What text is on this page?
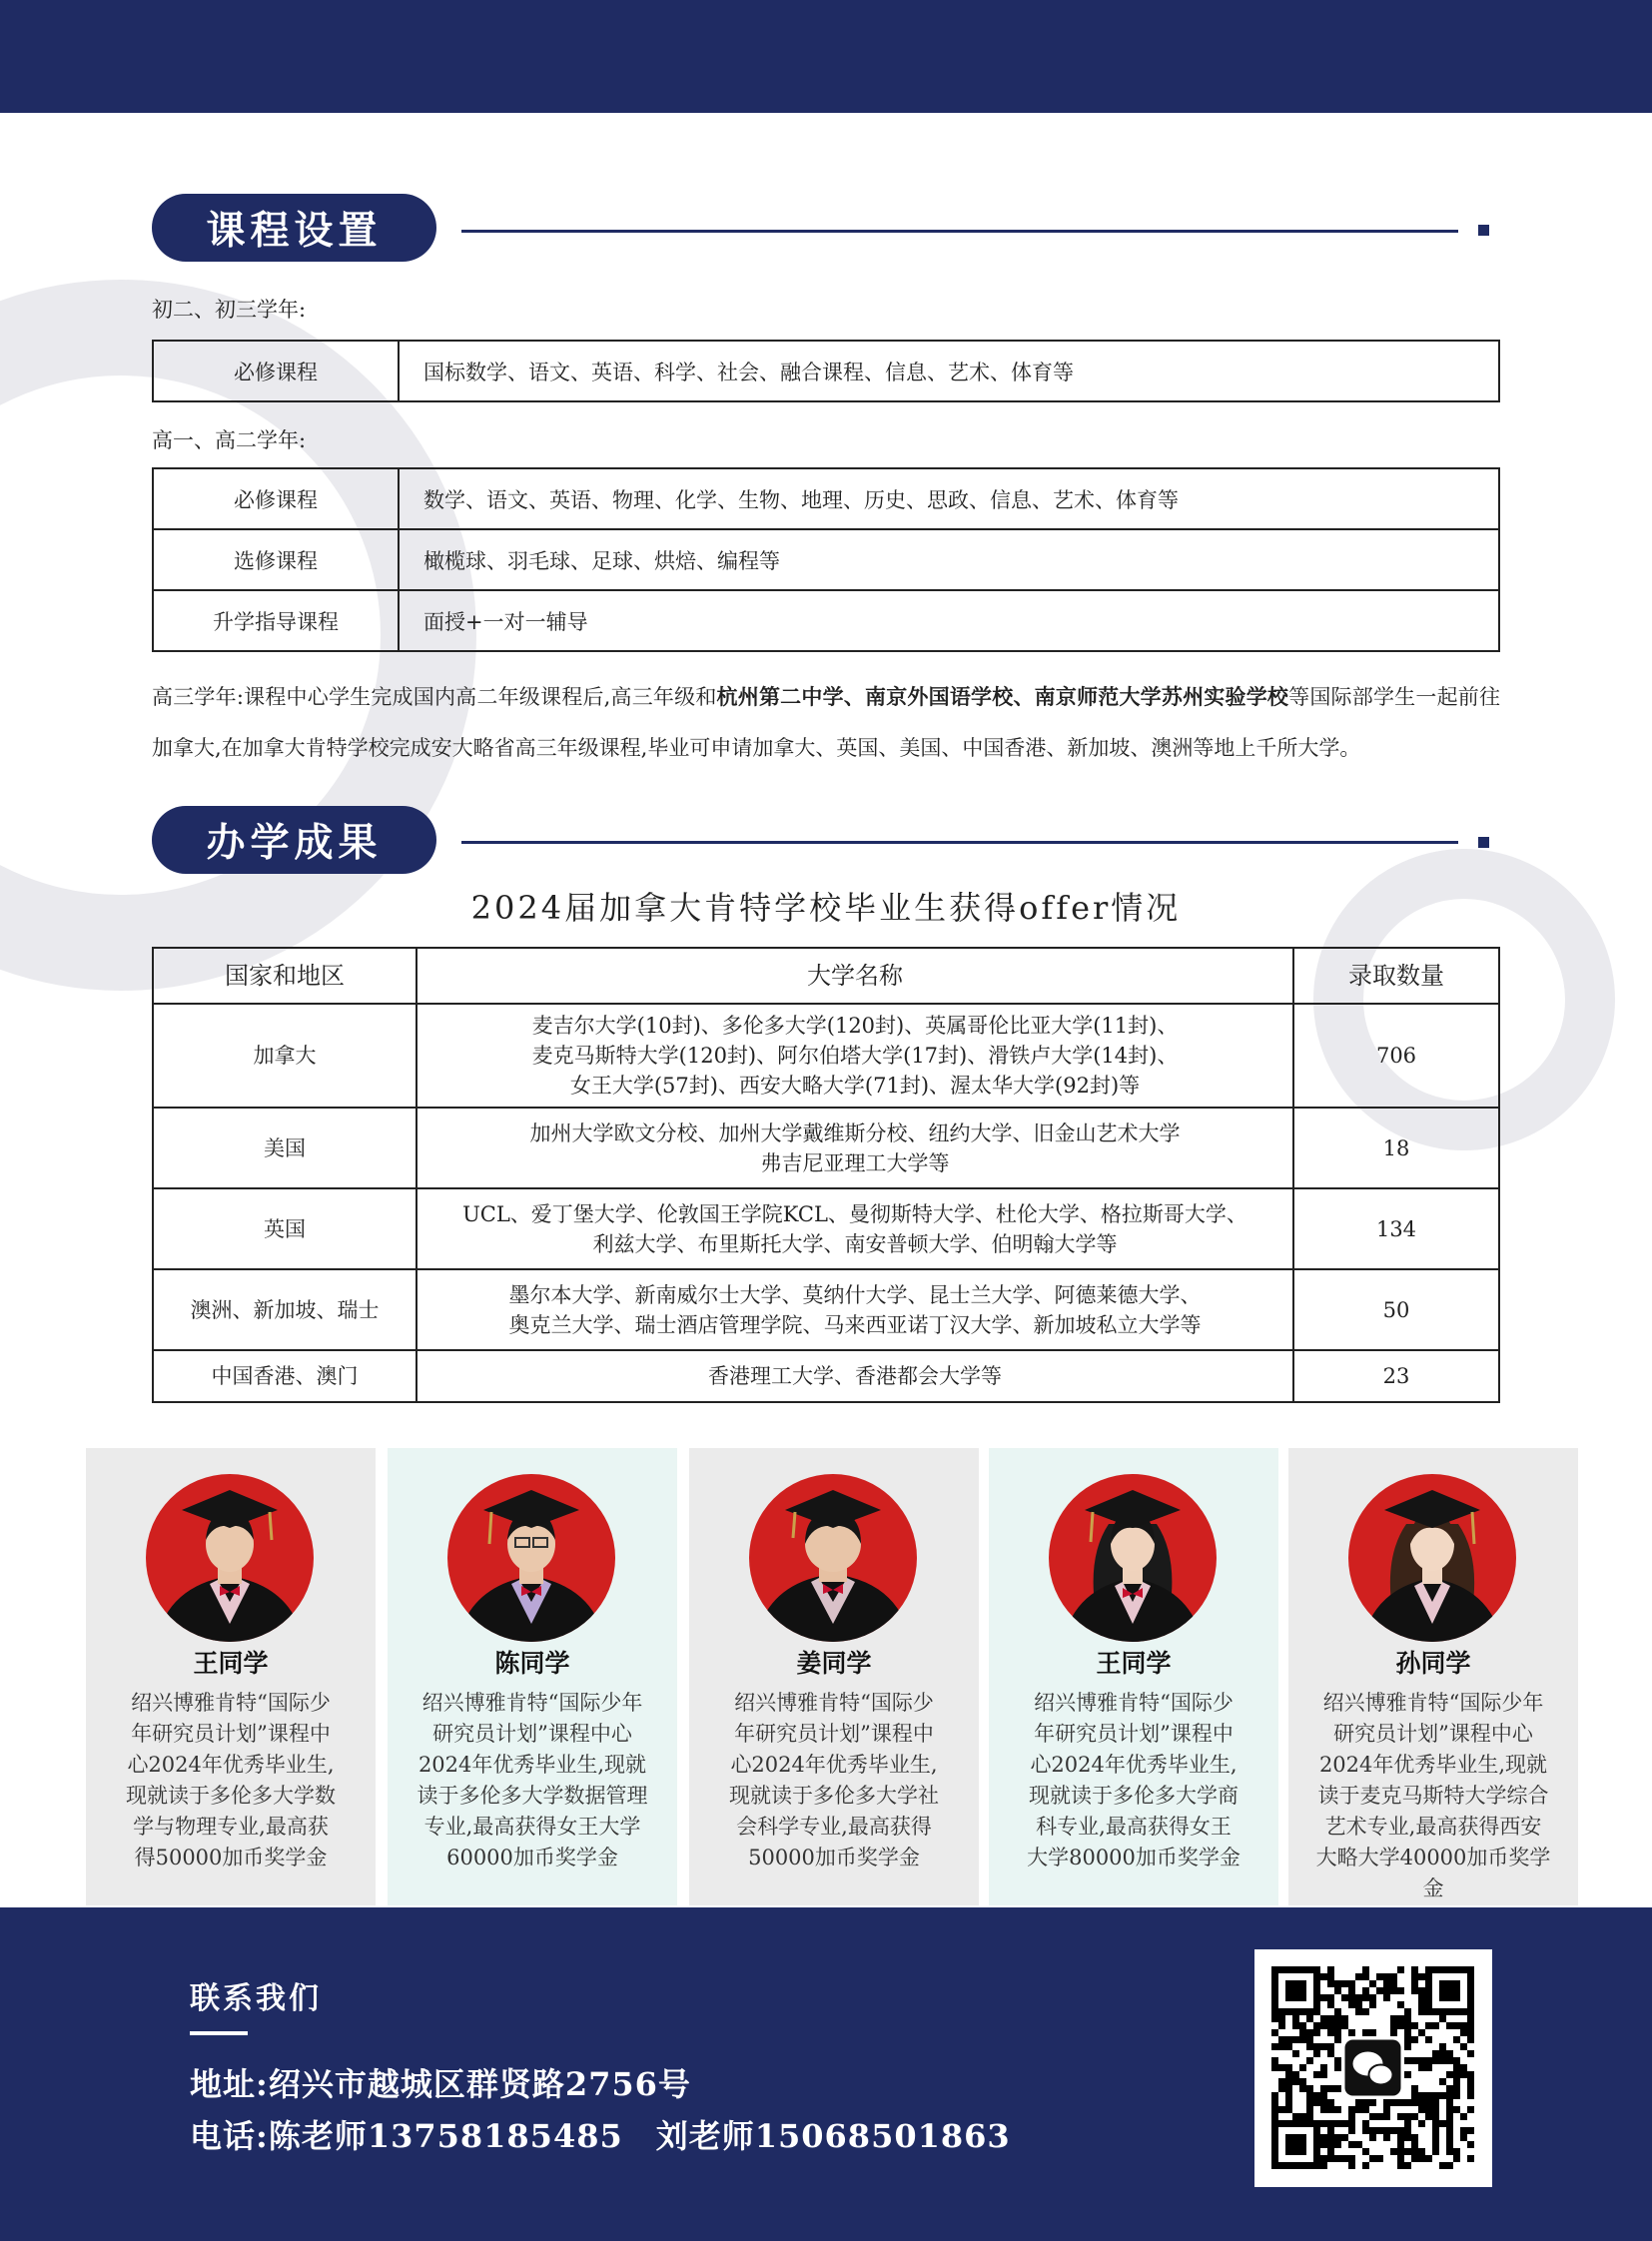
课程设置
初二、初三学年:
必修课程	国标数学、语文、英语、科学、社会、融合课程、信息、艺术、体育等
高一、高二学年:
必修课程	数学、语文、英语、物理、化学、生物、地理、历史、思政、信息、艺术、体育等
选修课程	橄榄球、羽毛球、足球、烘焙、编程等
升学指导课程	面授+一对一辅导
高三学年:课程中心学生完成国内高二年级课程后,高三年级和杭州第二中学、南京外国语学校、南京师范大学苏州实验学校等国际部学生一起前往加拿大,在加拿大肯特学校完成安大略省高三年级课程,毕业可申请加拿大、英国、美国、中国香港、新加坡、澳洲等地上千所大学。
办学成果
2024届加拿大肯特学校毕业生获得offer情况
国家和地区	大学名称	录取数量
加拿大	麦吉尔大学(10封)、多伦多大学(120封)、英属哥伦比亚大学(11封)、
麦克马斯特大学(120封)、阿尔伯塔大学(17封)、滑铁卢大学(14封)、
女王大学(57封)、西安大略大学(71封)、渥太华大学(92封)等	706
美国	加州大学欧文分校、加州大学戴维斯分校、纽约大学、旧金山艺术大学
弗吉尼亚理工大学等	18
英国	UCL、爱丁堡大学、伦敦国王学院KCL、曼彻斯特大学、杜伦大学、格拉斯哥大学、
利兹大学、布里斯托大学、南安普顿大学、伯明翰大学等	134
澳洲、新加坡、瑞士	墨尔本大学、新南威尔士大学、莫纳什大学、昆士兰大学、阿德莱德大学、
奥克兰大学、瑞士酒店管理学院、马来西亚诺丁汉大学、新加坡私立大学等	50
中国香港、澳门	香港理工大学、香港都会大学等	23
王同学
绍兴博雅肯特“国际少
年研究员计划”课程中
心2024年优秀毕业生,
现就读于多伦多大学数
学与物理专业,最高获
得50000加币奖学金
陈同学
绍兴博雅肯特“国际少年
研究员计划”课程中心
2024年优秀毕业生,现就
读于多伦多大学数据管理
专业,最高获得女王大学
60000加币奖学金
姜同学
绍兴博雅肯特“国际少
年研究员计划”课程中
心2024年优秀毕业生,
现就读于多伦多大学社
会科学专业,最高获得
50000加币奖学金
王同学
绍兴博雅肯特“国际少
年研究员计划”课程中
心2024年优秀毕业生,
现就读于多伦多大学商
科专业,最高获得女王
大学80000加币奖学金
孙同学
绍兴博雅肯特“国际少年
研究员计划”课程中心
2024年优秀毕业生,现就
读于麦克马斯特大学综合
艺术专业,最高获得西安
大略大学40000加币奖学金
联系我们
地址:绍兴市越城区群贤路2756号
电话:陈老师13758185485　刘老师15068501863
